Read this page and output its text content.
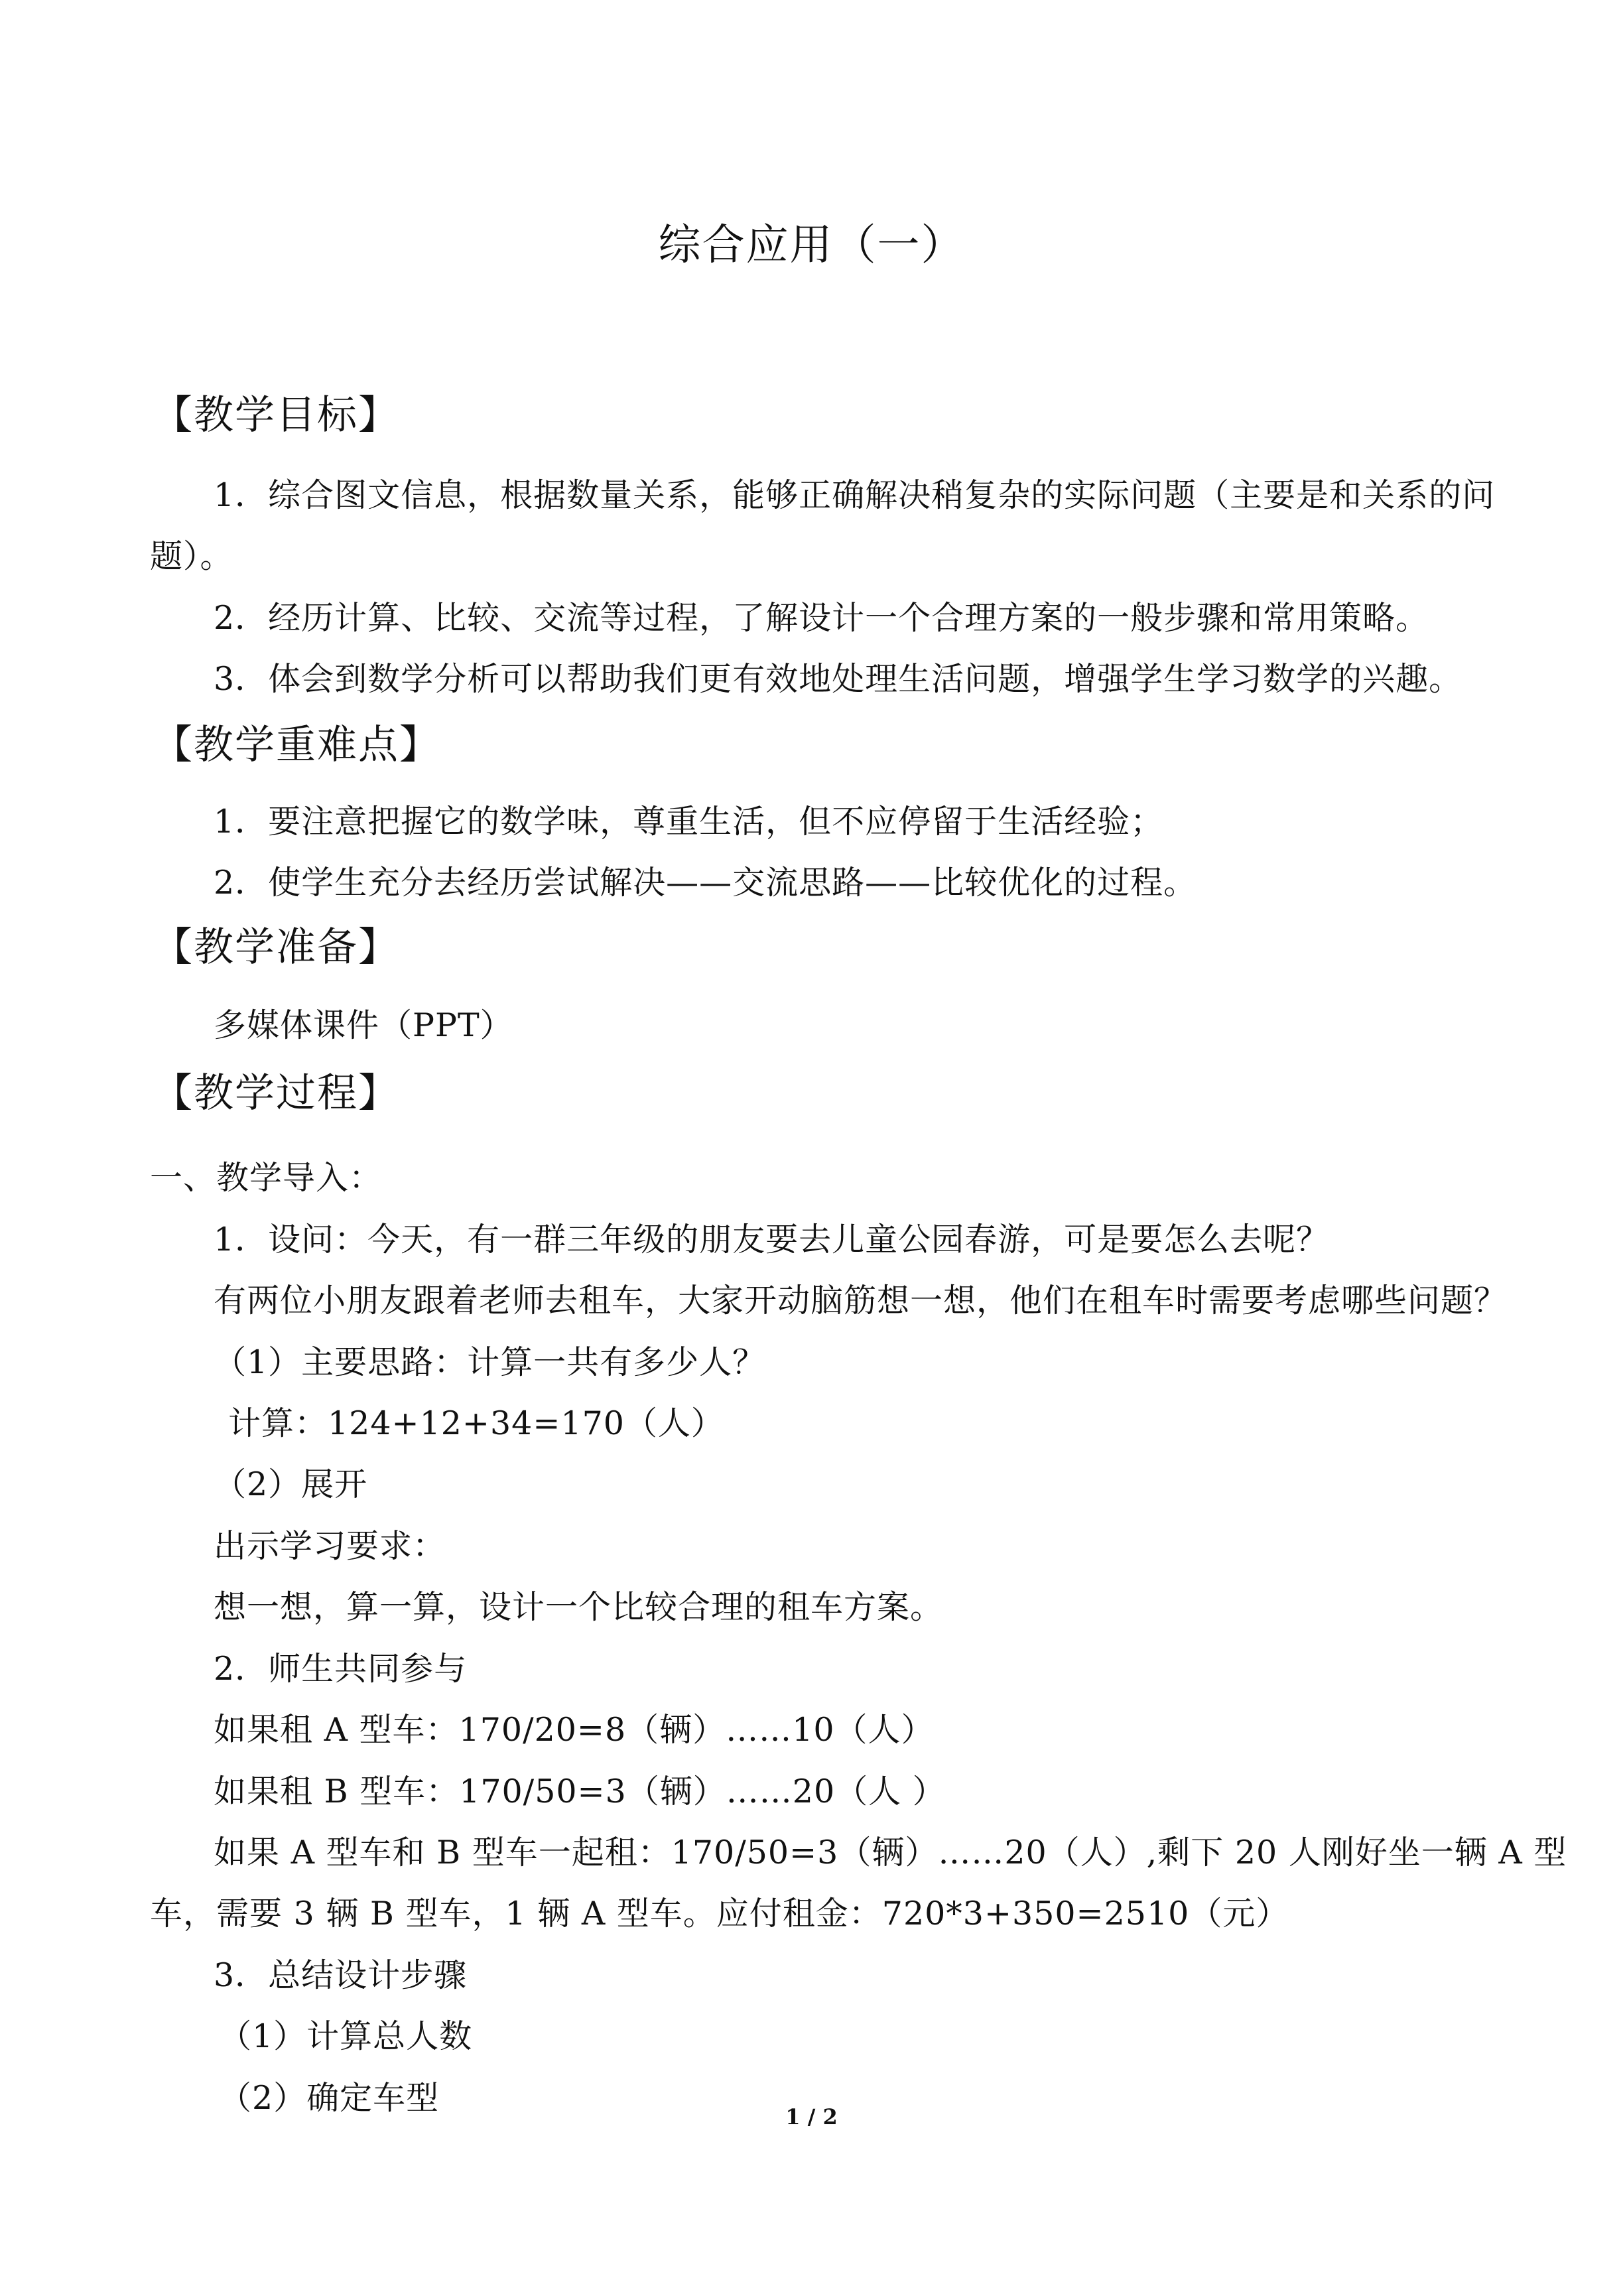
综合应用（一）
【教学目标】
1．综合图文信息，根据数量关系，能够正确解决稍复杂的实际问题（主要是和关系的问
题）。
2．经历计算、比较、交流等过程，了解设计一个合理方案的一般步骤和常用策略。
3．体会到数学分析可以帮助我们更有效地处理生活问题，增强学生学习数学的兴趣。
【教学重难点】
1．要注意把握它的数学味，尊重生活，但不应停留于生活经验；
2．使学生充分去经历尝试解决——交流思路——比较优化的过程。
【教学准备】
多媒体课件（PPT）
【教学过程】
一、教学导入：
1．设问：今天，有一群三年级的朋友要去儿童公园春游，可是要怎么去呢？
有两位小朋友跟着老师去租车，大家开动脑筋想一想，他们在租车时需要考虑哪些问题？
（1）主要思路：计算一共有多少人？
计算：124+12+34=170（人）
（2）展开
出示学习要求：
想一想，算一算，设计一个比较合理的租车方案。
2．师生共同参与
如果租 A 型车：170/20=8（辆）……10（人）
如果租 B 型车：170/50=3（辆）……20（人 ）
如果 A 型车和 B 型车一起租：170/50=3（辆）……20（人）,剩下 20 人刚好坐一辆 A 型
车，需要 3 辆 B 型车，1 辆 A 型车。应付租金：720*3+350=2510（元）
3．总结设计步骤
（1）计算总人数
（2）确定车型	1 / 2
